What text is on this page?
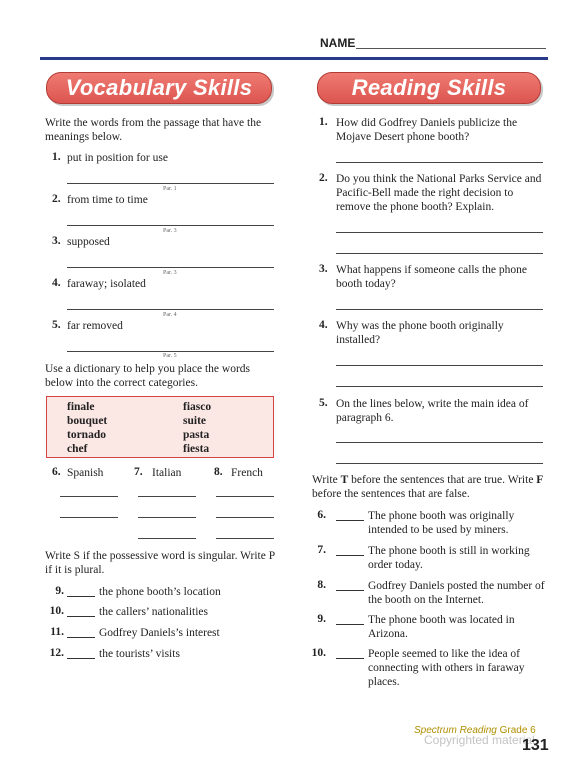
NAME
Vocabulary Skills
Write the words from the passage that have the meanings below.
1. put in position for use
Par. 1
2. from time to time
Par. 3
3. supposed
Par. 3
4. faraway; isolated
Par. 4
5. far removed
Par. 5
Use a dictionary to help you place the words below into the correct categories.
finale	fiasco
bouquet	suite
tornado	pasta
chef	fiesta
6. Spanish	7. Italian	8. French
Write S if the possessive word is singular. Write P if it is plural.
9.	the phone booth’s location
10.	the callers’ nationalities
11.	Godfrey Daniels’s interest
12.	the tourists’ visits
Reading Skills
1. How did Godfrey Daniels publicize the Mojave Desert phone booth?
2. Do you think the National Parks Service and Pacific-Bell made the right decision to remove the phone booth? Explain.
3. What happens if someone calls the phone booth today?
4. Why was the phone booth originally installed?
5. On the lines below, write the main idea of paragraph 6.
Write T before the sentences that are true. Write F before the sentences that are false.
6.	The phone booth was originally intended to be used by miners.
7.	The phone booth is still in working order today.
8.	Godfrey Daniels posted the number of the booth on the Internet.
9.	The phone booth was located in Arizona.
10.	People seemed to like the idea of connecting with others in faraway places.
Spectrum Reading Grade 6
Copyrighted material
131
